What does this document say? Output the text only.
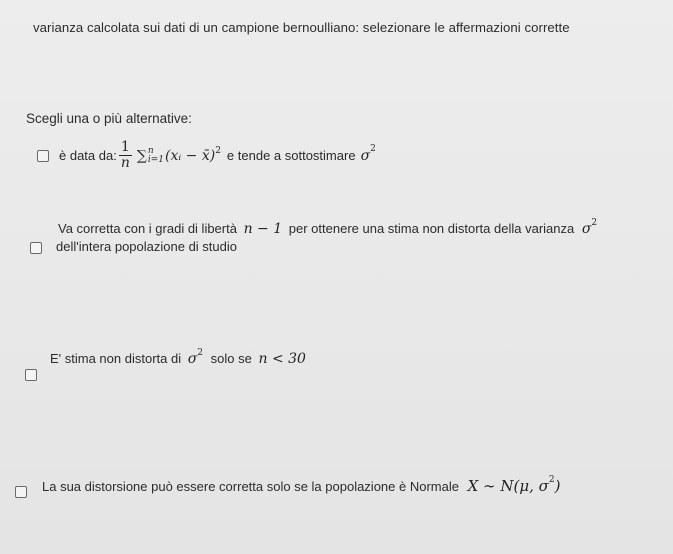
varianza calcolata sui dati di un campione bernoulliano: selezionare le affermazioni corrette
Scegli una o più alternative:
è data da: $\frac{1}{n}$ ∑ n
i=1 (xᵢ − x̄) 2 e tende a sottostimare $\sigma^2$
Va corretta con i gradi di libertà n − 1 per ottenere una stima non distorta della varianza $\sigma^2$
dell'intera popolazione di studio
E' stima non distorta di $\sigma^2$ solo se n < 30
La sua distorsione può essere corretta solo se la popolazione è Normale X ∼ N(μ, $\sigma^2$)
